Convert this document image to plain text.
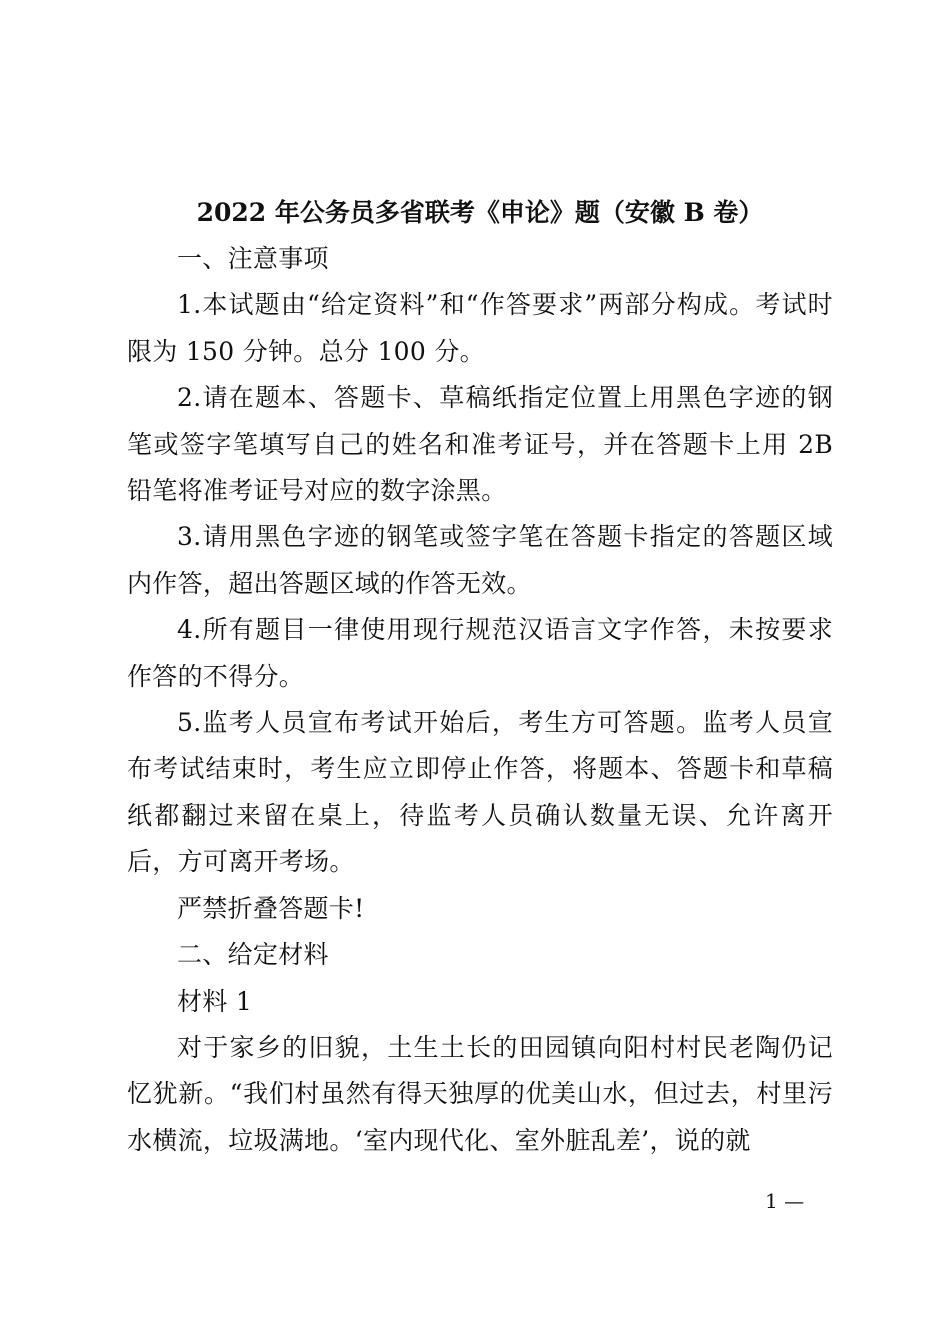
2022 年公务员多省联考《申论》题（安徽 B 卷）

一、注意事项

1.本试题由“给定资料”和“作答要求”两部分构成。考试时限为 150 分钟。总分 100 分。

2.请在题本、答题卡、草稿纸指定位置上用黑色字迹的钢笔或签字笔填写自己的姓名和准考证号，并在答题卡上用 2B 铅笔将准考证号对应的数字涂黑。

3.请用黑色字迹的钢笔或签字笔在答题卡指定的答题区域内作答，超出答题区域的作答无效。

4.所有题目一律使用现行规范汉语言文字作答，未按要求作答的不得分。

5.监考人员宣布考试开始后，考生方可答题。监考人员宣布考试结束时，考生应立即停止作答，将题本、答题卡和草稿纸都翻过来留在桌上，待监考人员确认数量无误、允许离开后，方可离开考场。

严禁折叠答题卡!

二、给定材料

材料 1

对于家乡的旧貌，土生土长的田园镇向阳村村民老陶仍记忆犹新。“我们村虽然有得天独厚的优美山水，但过去，村里污水横流，垃圾满地。‘室内现代化、室外脏乱差’，说的就

1 —
